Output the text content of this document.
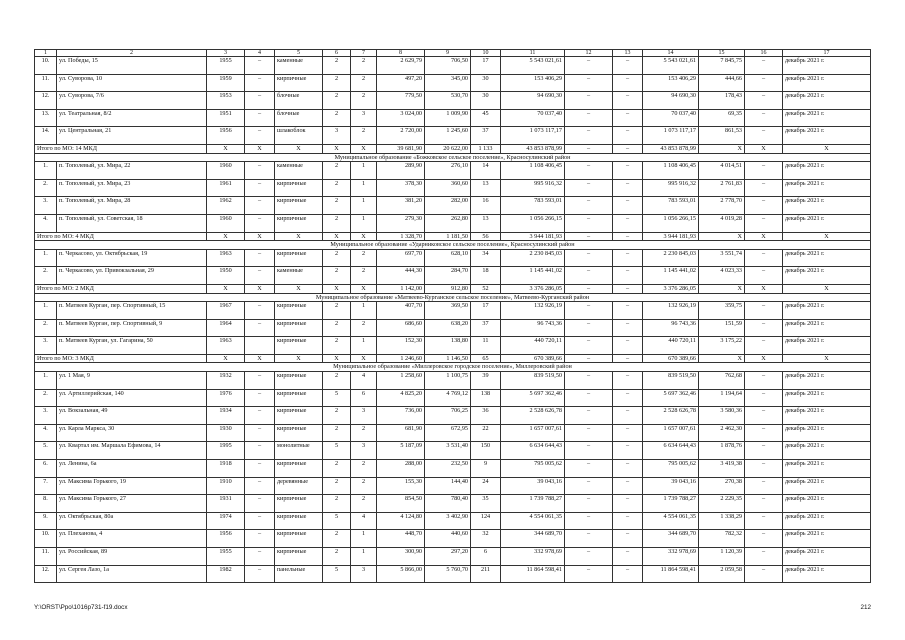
1	2	3	4	5	6	7	8	9	10	11	12	13	14	15	16	17
10.	ул. Победы, 15	1955	–	каменные	2	2	2 629,79	706,50	17	5 543 021,61	–	–	5 543 021,61	7 845,75	–	декабрь 2021 г.
11.	ул. Суворова, 10	1959	–	кирпичные	2	2	497,20	345,00	30	153 406,29	–	–	153 406,29	444,66	–	декабрь 2021 г.
12.	ул. Суворова, 7/6	1953	–	блочные	2	2	779,50	530,70	30	94 690,30	–	–	94 690,30	178,43	–	декабрь 2021 г.
13.	ул. Театральная, 8/2	1951	–	блочные	2	3	3 024,00	1 009,90	45	70 037,40	–	–	70 037,40	69,35	–	декабрь 2021 г.
14.	ул. Центральная, 21	1956	–	шлакоблок	3	2	2 720,00	1 245,60	37	1 073 117,17	–	–	1 073 117,17	861,53	–	декабрь 2021 г.
Итого по МО: 14 МКД		X	X	X	X	X	39 681,90	20 622,00	1 133	43 853 878,99	–	–	43 853 878,99	X	X	X
Муниципальное образование «Божковское сельское поселение», Красносулинский район																
1.	п. Тополевый, ул. Мира, 22	1960	–	каменные	2	1	289,90	276,10	14	1 108 406,45	–	–	1 108 406,45	4 014,51	–	декабрь 2021 г.
2.	п. Тополевый, ул. Мира, 23	1961	–	кирпичные	2	1	378,30	360,60	13	995 916,32	–	–	995 916,32	2 761,83	–	декабрь 2021 г.
3.	п. Тополевый, ул. Мира, 28	1962	–	кирпичные	2	1	381,20	282,00	16	783 593,01	–	–	783 593,01	2 778,70	–	декабрь 2021 г.
4.	п. Тополевый, ул. Советская, 18	1960	–	кирпичные	2	1	279,30	262,80	13	1 056 266,15	–	–	1 056 266,15	4 019,28	–	декабрь 2021 г.
Итого по МО: 4 МКД		X	X	X	X	X	1 328,70	1 181,50	56	3 944 181,93	–	–	3 944 181,93	X	X	X
Муниципальное образование «Ударниковское сельское поселение», Красносулинский район																
1.	п. Черкасово, ул. Октябрьская, 19	1963	–	кирпичные	2	2	697,70	628,10	34	2 230 845,03	–	–	2 230 845,03	3 551,74	–	декабрь 2021 г.
2.	п. Черкасово, ул. Привокзальная, 29	1950	–	каменные	2	2	444,30	284,70	18	1 145 441,02	–	–	1 145 441,02	4 023,33	–	декабрь 2021 г.
Итого по МО: 2 МКД		X	X	X	X	X	1 142,00	912,80	52	3 376 286,05	–	–	3 376 286,05	X	X	X
Муниципальное образование «Матвеево-Курганское сельское поселение», Матвеево-Курганский район																
1.	п. Матвеев Курган, пер. Спортивный, 15	1967	–	кирпичные	2	1	407,70	369,50	17	132 926,19	–	–	132 926,19	359,75	–	декабрь 2021 г.
2.	п. Матвеев Курган, пер. Спортивный, 9	1964	–	кирпичные	2	2	686,60	638,20	37	96 743,36	–	–	96 743,36	151,59	–	декабрь 2021 г.
3.	п. Матвеев Курган, ул. Гагарина, 50	1963		кирпичные	2	1	152,30	138,80	11	440 720,11	–	–	440 720,11	3 175,22	–	декабрь 2021 г.
Итого по МО: 3 МКД		X	X	X	X	X	1 246,60	1 146,50	65	670 389,66	–	–	670 389,66	X	X	X
Муниципальное образование «Миллеровское городское поселение», Миллеровский район																
1.	ул. 1 Мая, 9	1932	–	кирпичные	2	4	1 258,60	1 100,75	39	839 519,50	–	–	839 519,50	762,68	–	декабрь 2021 г.
2.	ул. Артиллерийская, 140	1976	–	кирпичные	5	6	4 825,20	4 769,12	138	5 697 362,46	–	–	5 697 362,46	1 194,64	–	декабрь 2021 г.
3.	ул. Вокзальная, 49	1934	–	кирпичные	2	3	736,00	706,25	36	2 528 626,78	–	–	2 528 626,78	3 580,36	–	декабрь 2021 г.
4.	ул. Карла Маркса, 30	1930	–	кирпичные	2	2	681,90	672,95	22	1 657 007,61	–	–	1 657 007,61	2 462,30	–	декабрь 2021 г.
5.	ул. Квартал им. Маршала Ефимова, 14	1995	–	монолитные	5	3	5 187,09	3 531,40	150	6 634 644,43	–	–	6 634 644,43	1 878,76	–	декабрь 2021 г.
6.	ул. Ленина, 6а	1918	–	кирпичные	2	2	288,00	232,50	9	795 005,62	–	–	795 005,62	3 419,38	–	декабрь 2021 г.
7.	ул. Максима Горького, 19	1910	–	деревянные	2	2	155,30	144,40	24	39 043,16	–	–	39 043,16	270,38	–	декабрь 2021 г.
8.	ул. Максима Горького, 27	1931	–	кирпичные	2	2	854,50	780,40	35	1 739 788,27	–	–	1 739 788,27	2 229,35	–	декабрь 2021 г.
9.	ул. Октябрьская, 80а	1974	–	кирпичные	5	4	4 124,80	3 402,90	124	4 554 061,35	–	–	4 554 061,35	1 338,29	–	декабрь 2021 г.
10.	ул. Плеханова, 4	1956	–	кирпичные	2	1	448,70	440,60	32	344 689,70	–	–	344 689,70	782,32	–	декабрь 2021 г.
11.	ул. Российская, 89	1955	–	кирпичные	2	1	300,90	297,20	6	332 978,69	–	–	332 978,69	1 120,39	–	декабрь 2021 г.
12.	ул. Сергея Лазо, 1а	1982	–	панельные	5	3	5 866,00	5 760,70	211	11 864 598,41	–	–	11 864 598,41	2 059,58	–	декабрь 2021 г.
Y:\ORST\Ppo\1016p731-f19.docx	212
